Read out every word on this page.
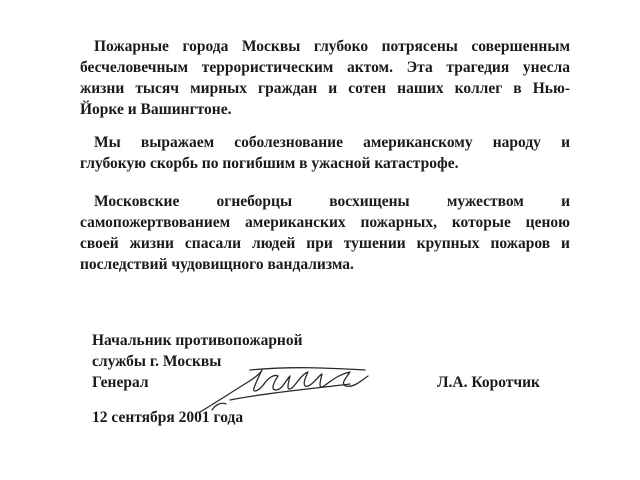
Пожарные города Москвы глубоко потрясены совершенным
бесчеловечным террористическим актом. Эта трагедия унесла
жизни тысяч мирных граждан и сотен наших коллег в Нью-
Йорке и Вашингтоне.

Мы выражаем соболезнование американскому народу и
глубокую скорбь по погибшим в ужасной катастрофе.

Московские огнеборцы восхищены мужеством и
самопожертвованием американских пожарных, которые ценою
своей жизни спасали людей при тушении крупных пожаров и
последствий чудовищного вандализма.

Начальник противопожарной
службы г. Москвы
Генерал	Л.А. Коротчик
12 сентября 2001 года
